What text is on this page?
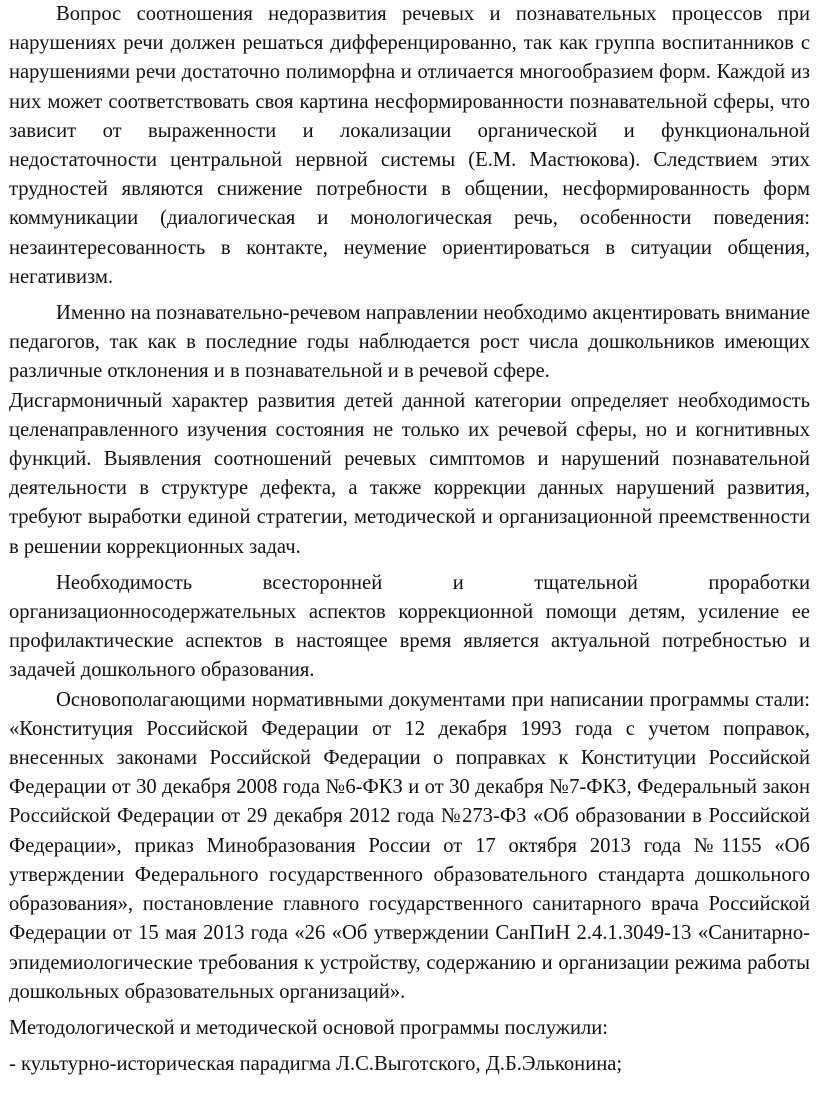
Вопрос соотношения недоразвития речевых и познавательных процессов при нарушениях речи должен решаться дифференцированно, так как группа воспитанников с нарушениями речи достаточно полиморфна и отличается многообразием форм. Каждой из них может соответствовать своя картина несформированности познавательной сферы, что зависит от выраженности и локализации органической и функциональной недостаточности центральной нервной системы (Е.М. Мастюкова). Следствием этих трудностей являются снижение потребности в общении, несформированность форм коммуникации (диалогическая и монологическая речь, особенности поведения: незаинтересованность в контакте, неумение ориентироваться в ситуации общения, негативизм.

Именно на познавательно-речевом направлении необходимо акцентировать внимание педагогов, так как в последние годы наблюдается рост числа дошкольников имеющих различные отклонения и в познавательной и в речевой сфере.

Дисгармоничный характер развития детей данной категории определяет необходимость целенаправленного изучения состояния не только их речевой сферы, но и когнитивных функций. Выявления соотношений речевых симптомов и нарушений познавательной деятельности в структуре дефекта, а также коррекции данных нарушений развития, требуют выработки единой стратегии, методической и организационной преемственности в решении коррекционных задач.

Необходимость всесторонней и тщательной проработки организационносодержательных аспектов коррекционной помощи детям, усиление ее профилактические аспектов в настоящее время является актуальной потребностью и задачей дошкольного образования.

Основополагающими нормативными документами при написании программы стали: «Конституция Российской Федерации от 12 декабря 1993 года с учетом поправок, внесенных законами Российской Федерации о поправках к Конституции Российской Федерации от 30 декабря 2008 года №6-ФКЗ и от 30 декабря №7-ФКЗ, Федеральный закон Российской Федерации от 29 декабря 2012 года №273-ФЗ «Об образовании в Российской Федерации», приказ Минобразования России от 17 октября 2013 года №1155 «Об утверждении Федерального государственного образовательного стандарта дошкольного образования», постановление главного государственного санитарного врача Российской Федерации от 15 мая 2013 года «26 «Об утверждении СанПиН 2.4.1.3049-13 «Санитарно-эпидемиологические требования к устройству, содержанию и организации режима работы дошкольных образовательных организаций».

Методологической и методической основой программы послужили:

- культурно-историческая парадигма Л.С.Выготского, Д.Б.Эльконина;
